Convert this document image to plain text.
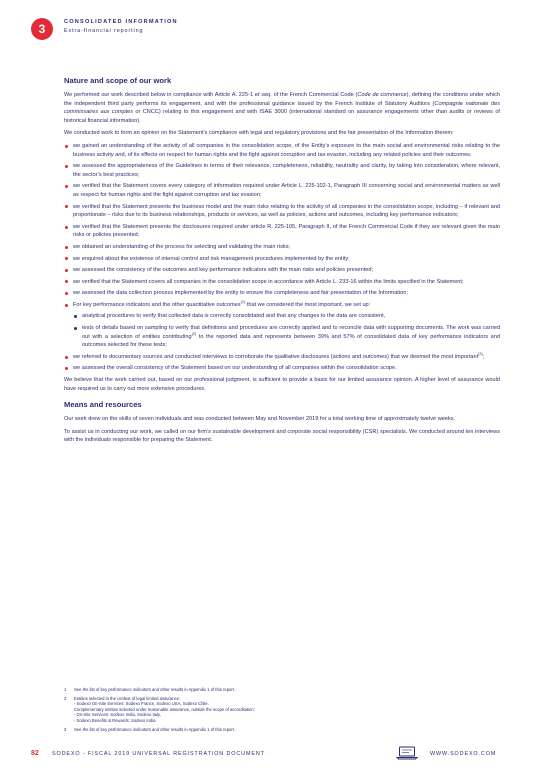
3	CONSOLIDATED INFORMATION
Extra-financial reporting
Nature and scope of our work

We performed our work described below in compliance with Article A. 225-1 et seq. of the French Commercial Code (Code de commerce), defining the conditions under which the independent third party performs its engagement, and with the professional guidance issued by the French Institute of Statutory Auditors (Compagnie nationale des commissaires aux comptes or CNCC) relating to this engagement and with ISAE 3000 (international standard on assurance engagements other than audits or reviews of historical financial information).

We conducted work to form an opinion on the Statement’s compliance with legal and regulatory provisions and the fair presentation of the Information therein:

we gained an understanding of the activity of all companies in the consolidation scope, of the Entity’s exposure to the main social and environmental risks relating to the business activity and, of its effects on respect for human rights and the fight against corruption and tax evasion, including any related policies and their outcomes;
we assessed the appropriateness of the Guidelines in terms of their relevance, completeness, reliability, neutrality and clarity, by taking into consideration, where relevant, the sector’s best practices;
we verified that the Statement covers every category of information required under Article L. 225-102-1, Paragraph III concerning social and environmental matters as well as respect for human rights and the fight against corruption and tax evasion;
we verified that the Statement presents the business model and the main risks relating to the activity of all companies in the consolidation scope, including – if relevant and proportionate – risks due to its business relationships, products or services, as well as policies, actions and outcomes, including key performance indicators;
we verified that the Statement presents the disclosures required under article R. 225-105, Paragraph II, of the French Commercial Code if they are relevant given the main risks or policies presented;
we obtained an understanding of the process for selecting and validating the main risks;
we enquired about the existence of internal control and risk management procedures implemented by the entity;
we assessed the consistency of the outcomes and key performance indicators with the main risks and policies presented;
we verified that the Statement covers all companies in the consolidation scope in accordance with Article L. 233-16 within the limits specified in the Statement;
we assessed the data collection process implemented by the entity to ensure the completeness and fair presentation of the Information;
For key performance indicators and the other quantitative outcomes$^{(1)}$ that we considered the most important, we set up:
analytical procedures to verify that collected data is correctly consolidated and that any changes to the data are consistent,
tests of details based on sampling to verify that definitions and procedures are correctly applied and to reconcile data with supporting documents. The work was carried out with a selection of entities contributing$^{(2)}$ to the reported data and represents between 39% and 57% of consolidated data of key performance indicators and outcomes selected for these tests;
we referred to documentary sources and conducted interviews to corroborate the qualitative disclosures (actions and outcomes) that we deemed the most important$^{(3)}$;
we assessed the overall consistency of the Statement based on our understanding of all companies within the consolidation scope.

We believe that the work carried out, based on our professional judgment, is sufficient to provide a basis for our limited assurance opinion. A higher level of assurance would have required us to carry out more extensive procedures.

Means and resources

Our work drew on the skills of seven individuals and was conducted between May and November 2019 for a total working time of approximately twelve weeks.

To assist us in conducting our work, we called on our firm’s sustainable development and corporate social responsibility (CSR) specialists. We conducted around ten interviews with the individuals responsible for preparing the Statement.

1 See the list of key performance indicators and other results in Appendix 1 of this report.
2 Entities selected in the context of legal limited assurance:
- Sodexo On-Site Services: Sodexo France, Sodexo USA, Sodexo Chile.
Complementary entities selected under reasonable assurance, outside the scope of accreditation:
- On-Site Services: Sodexo India, Sodexo Italy,
- Sodexo Benefits & Rewards: Sodexo India.
3 See the list of key performance indicators and other results in Appendix 1 of this report.
82 SODEXO - FISCAL 2019 UNIVERSAL REGISTRATION DOCUMENT	WWW.SODEXO.COM
